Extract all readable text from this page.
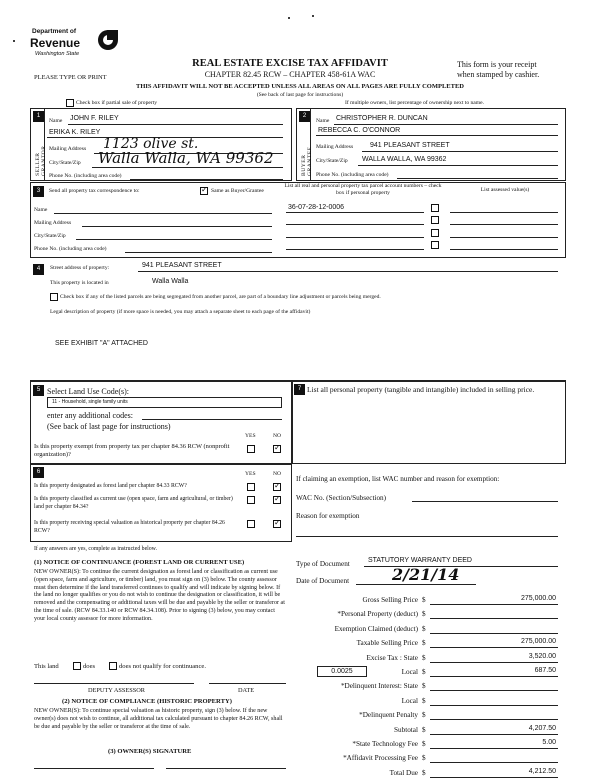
Department of
Revenue
Washington State
REAL ESTATE EXCISE TAX AFFIDAVIT
CHAPTER 82.45 RCW – CHAPTER 458-61A WAC
This form is your receipt
when stamped by cashier.
PLEASE TYPE OR PRINT
THIS AFFIDAVIT WILL NOT BE ACCEPTED UNLESS ALL AREAS ON ALL PAGES ARE FULLY COMPLETED
(See back of last page for instructions)
Check box if partial sale of property	If multiple owners, list percentage of ownership next to name.
1	2
SELLER GRANTOR	BUYER GRANTEE
Name JOHN F. RILEY
ERIKA K. RILEY
Mailing Address 1123 olive st.
City/State/Zip Walla Walla, WA 99362
Phone No. (including area code)
Name CHRISTOPHER R. DUNCAN
REBECCA C. O'CONNOR
Mailing Address 941 PLEASANT STREET
City/State/Zip WALLA WALLA, WA 99362
Phone No. (including area code)
3	Send all property tax correspondence to:
✓	Same as Buyer/Grantee
List all real and personal property tax parcel account numbers – check box if personal property	List assessed value(s)
Name
Mailing Address
City/State/Zip
Phone No. (including area code)
36-07-28-12-0006
4	Street address of property:	941 PLEASANT STREET
This property is located in	Walla Walla
Check box if any of the listed parcels are being segregated from another parcel, are part of a boundary line adjustment or parcels being merged.
Legal description of property (if more space is needed, you may attach a separate sheet to each page of the affidavit)
SEE EXHIBIT "A" ATTACHED
5 Select Land Use Code(s):
11 - Household, single family units
enter any additional codes:
(See back of last page for instructions)
YES	NO
Is this property exempt from property tax per chapter 84.36 RCW (nonprofit organization)?
✓
7 List all personal property (tangible and intangible) included in selling price.
6	YES	NO
Is this property designated as forest land per chapter 84.33 RCW?
✓
Is this property classified as current use (open space, farm and agricultural, or timber) land per chapter 84.34?
✓
Is this property receiving special valuation as historical property per chapter 84.26 RCW?
✓
If any answers are yes, complete as instructed below.
(1) NOTICE OF CONTINUANCE (FOREST LAND OR CURRENT USE)
NEW OWNER(S): To continue the current designation as forest land or classification as current use (open space, farm and agriculture, or timber) land, you must sign on (3) below. The county assessor must then determine if the land transferred continues to qualify and will indicate by signing below. If the land no longer qualifies or you do not wish to continue the designation or classification, it will be removed and the compensating or additional taxes will be due and payable by the seller or transferor at the time of sale. (RCW 84.33.140 or RCW 84.34.108). Prior to signing (3) below, you may contact your local county assessor for more information.
This land	does	does not qualify for continuance.
DEPUTY ASSESSOR	DATE
(2) NOTICE OF COMPLIANCE (HISTORIC PROPERTY)
NEW OWNER(S): To continue special valuation as historic property, sign (3) below. If the new owner(s) does not wish to continue, all additional tax calculated pursuant to chapter 84.26 RCW, shall be due and payable by the seller or transferor at the time of sale.
(3) OWNER(S) SIGNATURE
If claiming an exemption, list WAC number and reason for exemption:
WAC No. (Section/Subsection)
Reason for exemption
Type of Document	STATUTORY WARRANTY DEED
Date of Document	2/21/14
Gross Selling Price $	275,000.00
*Personal Property (deduct) $
Exemption Claimed (deduct) $
Taxable Selling Price $	275,000.00
Excise Tax : State $	3,520.00
Local $	687.50
0.0025
*Delinquent Interest: State $
Local $
*Delinquent Penalty $
Subtotal $	4,207.50
*State Technology Fee $	5.00
*Affidavit Processing Fee $
Total Due $	4,212.50
